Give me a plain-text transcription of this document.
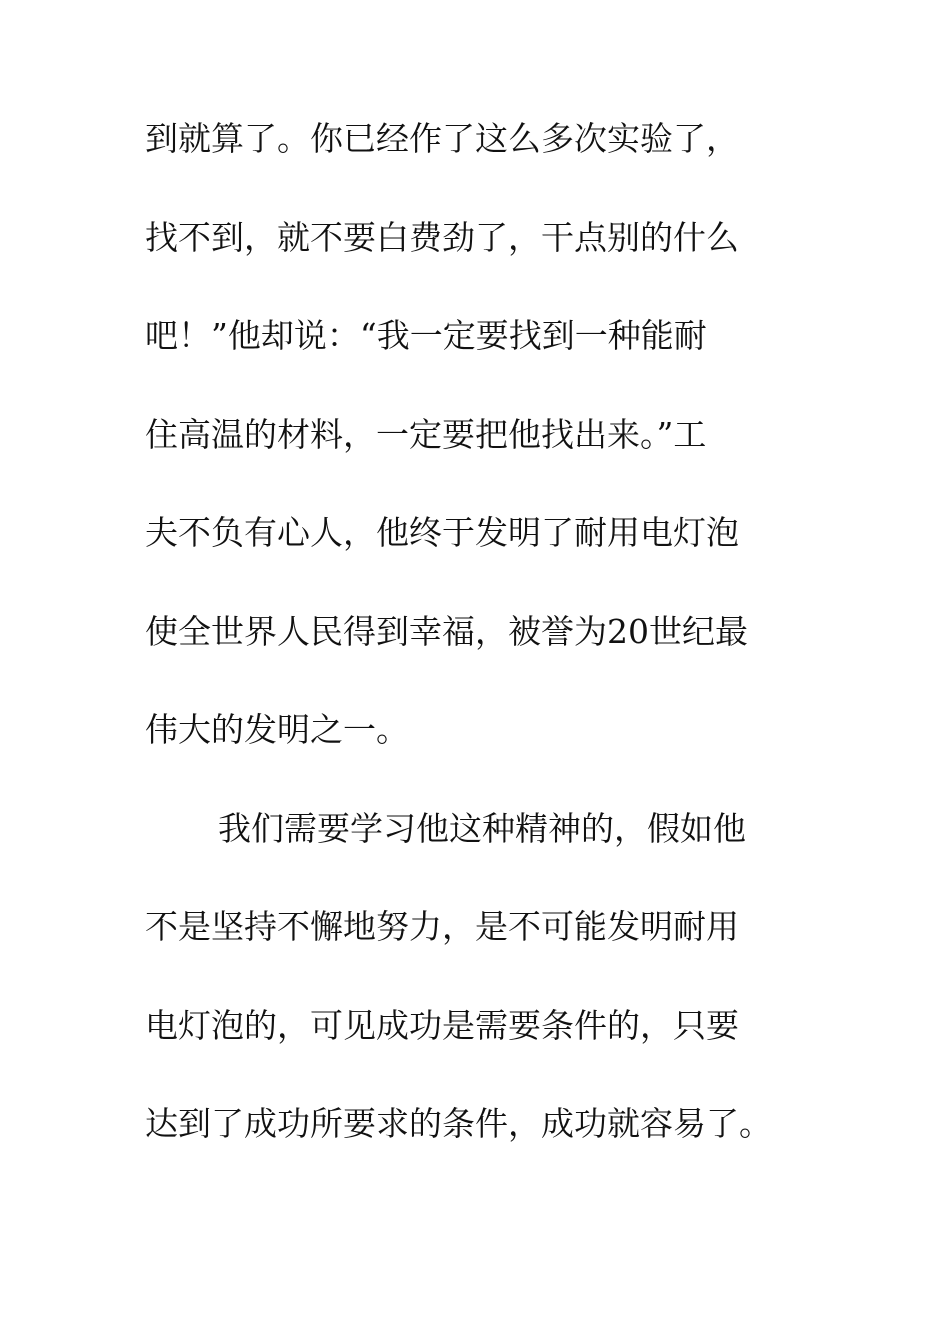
到就算了。你已经作了这么多次实验了，
找不到，就不要白费劲了，干点别的什么
吧！”他却说：“我一定要找到一种能耐
住高温的材料，一定要把他找出来。”工
夫不负有心人，他终于发明了耐用电灯泡
使全世界人民得到幸福，被誉为20世纪最
伟大的发明之一。
我们需要学习他这种精神的，假如他
不是坚持不懈地努力，是不可能发明耐用
电灯泡的，可见成功是需要条件的，只要
达到了成功所要求的条件，成功就容易了。
